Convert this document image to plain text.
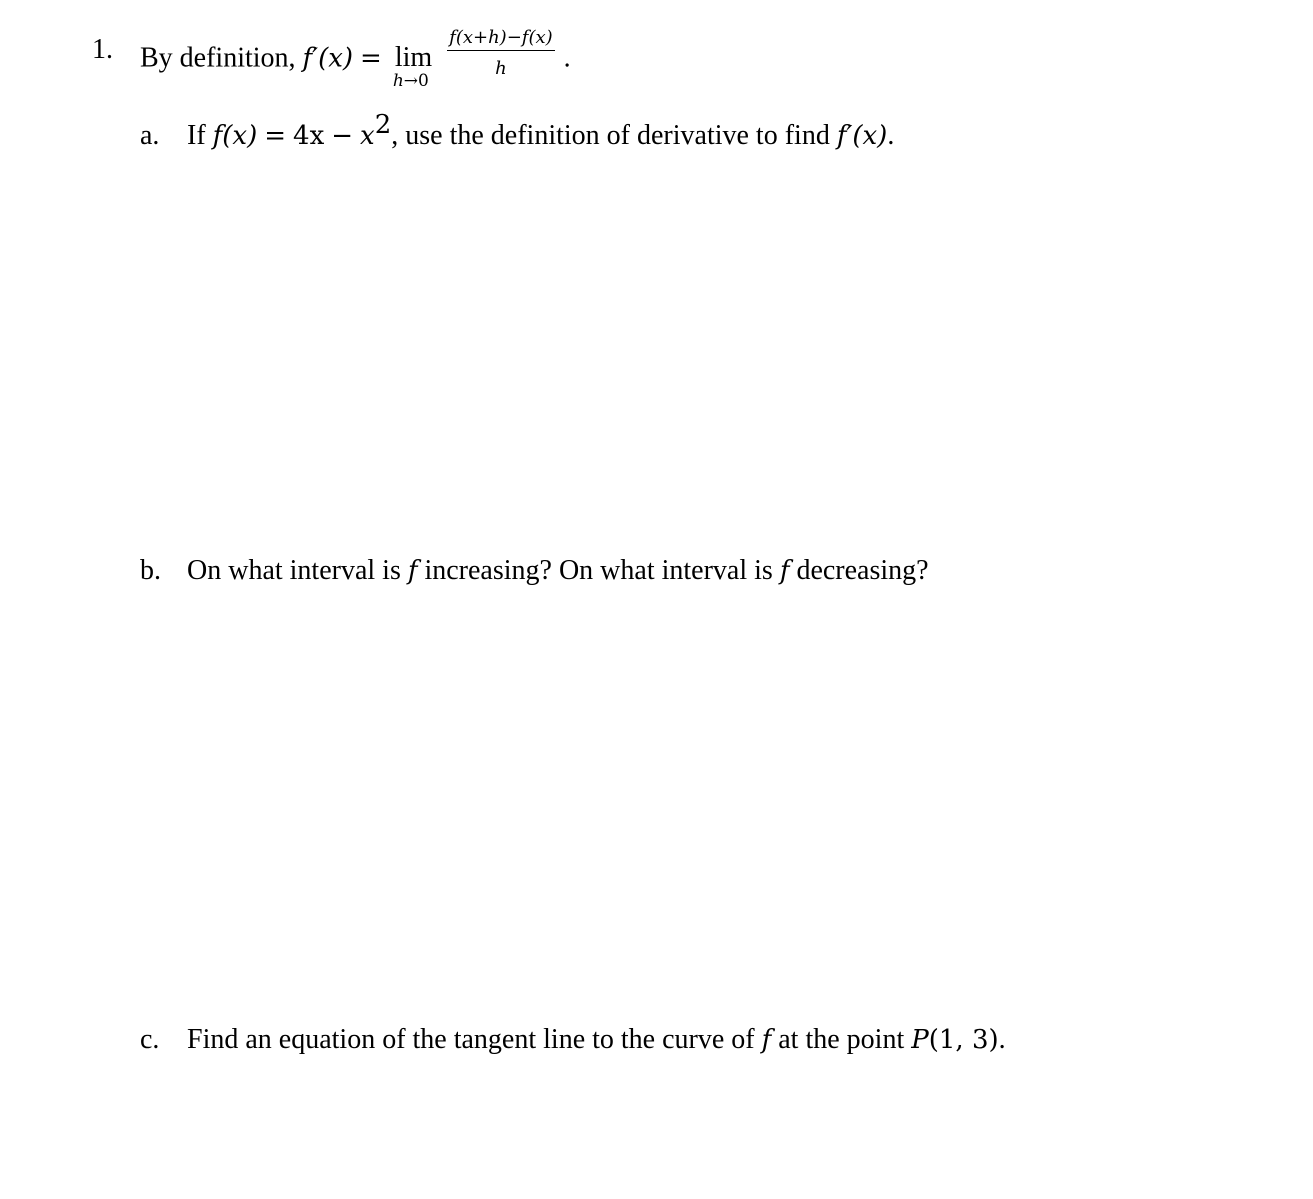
1. By definition, f′(x) = lim
h→0

$\frac{f(x+h)-f(x)}{h}$ .
a. If $f(x) = 4x - x^2$, use the definition of derivative to find f′(x).
b. On what interval is f increasing? On what interval is f decreasing?
c. Find an equation of the tangent line to the curve of f at the point P(1, 3).
